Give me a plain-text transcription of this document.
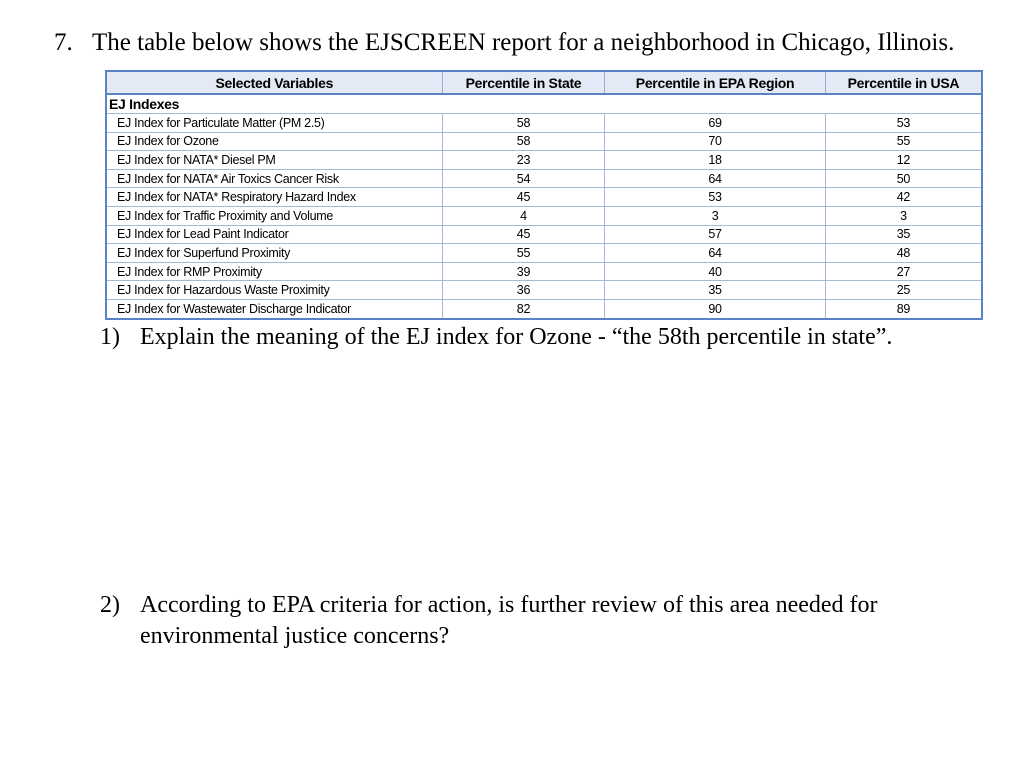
7. The table below shows the EJSCREEN report for a neighborhood in Chicago, Illinois.
Selected Variables	Percentile in State	Percentile in EPA Region	Percentile in USA
EJ Indexes			
EJ Index for Particulate Matter (PM 2.5)	58	69	53
EJ Index for Ozone	58	70	55
EJ Index for NATA* Diesel PM	23	18	12
EJ Index for NATA* Air Toxics Cancer Risk	54	64	50
EJ Index for NATA* Respiratory Hazard Index	45	53	42
EJ Index for Traffic Proximity and Volume	4	3	3
EJ Index for Lead Paint Indicator	45	57	35
EJ Index for Superfund Proximity	55	64	48
EJ Index for RMP Proximity	39	40	27
EJ Index for Hazardous Waste Proximity	36	35	25
EJ Index for Wastewater Discharge Indicator	82	90	89
1) Explain the meaning of the EJ index for Ozone - “the 58th percentile in state”.
2) According to EPA criteria for action, is further review of this area needed for environmental justice concerns?
